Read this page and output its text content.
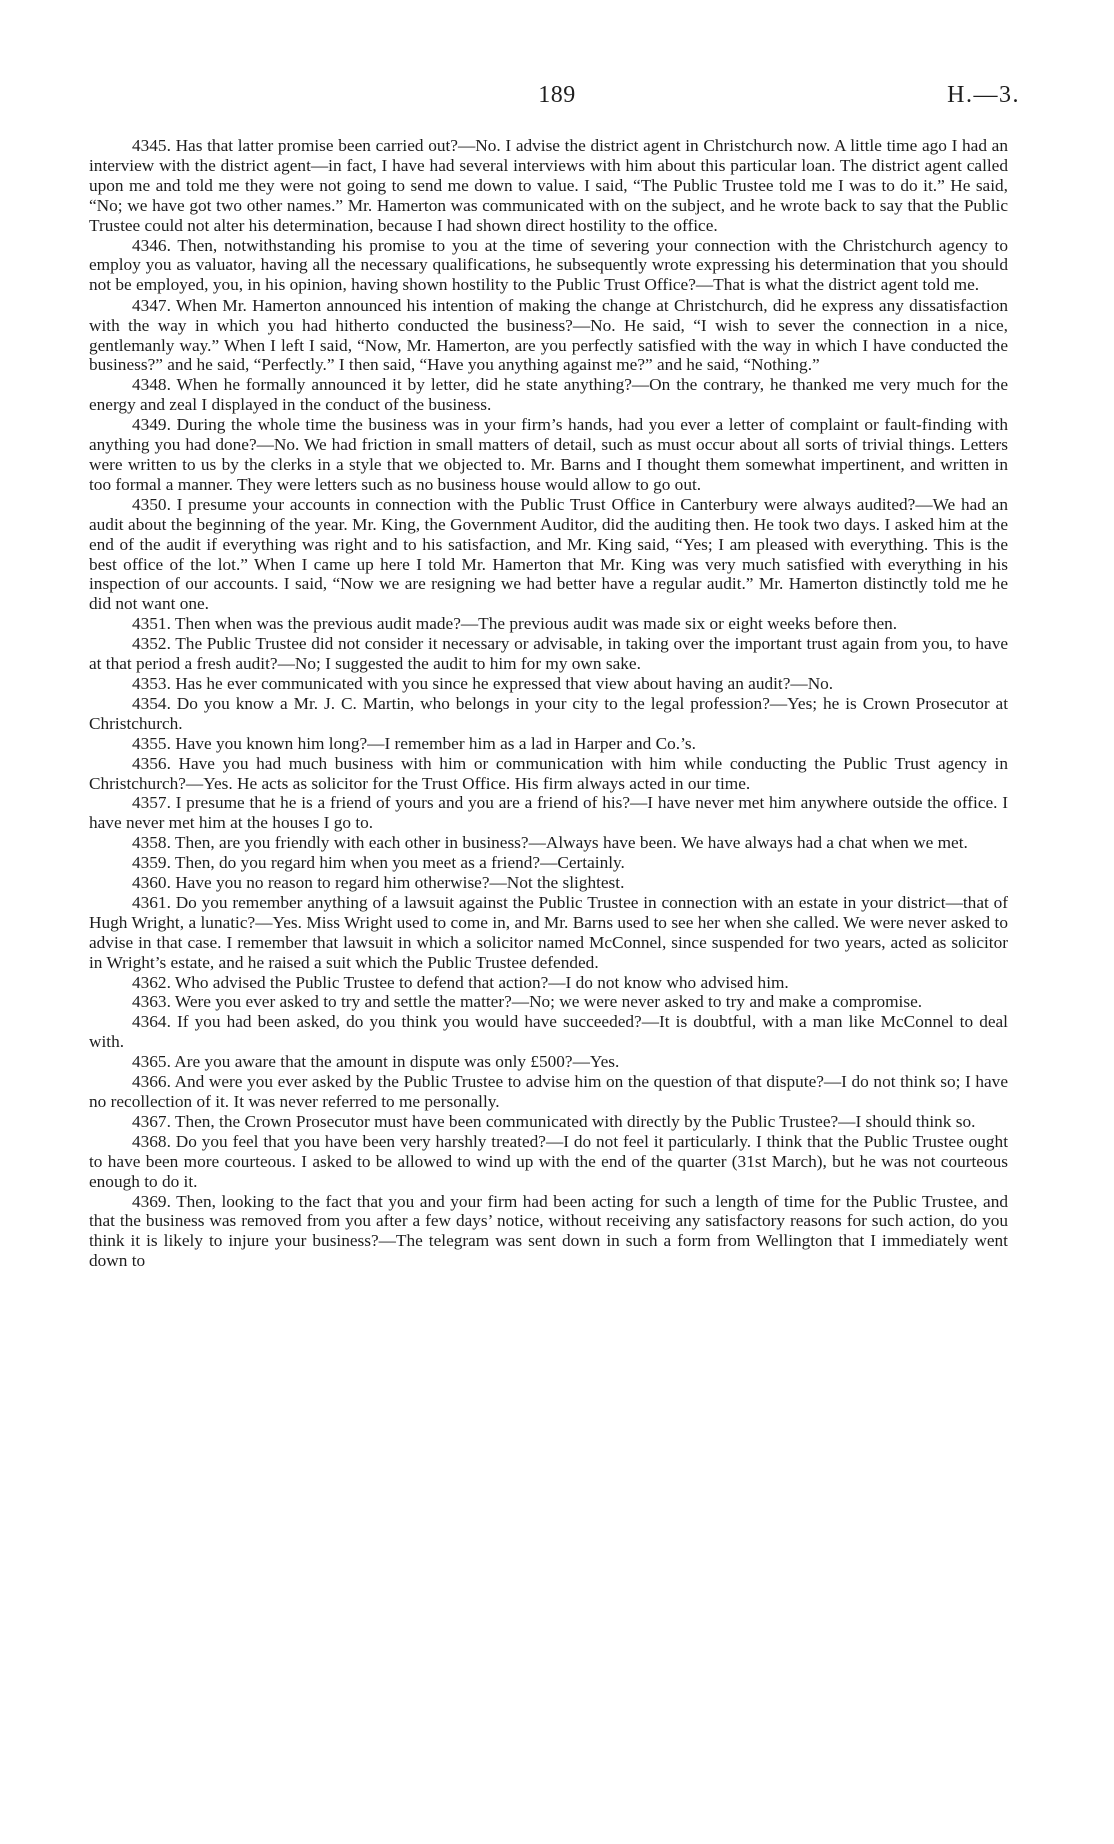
189	H.—3.

4345. Has that latter promise been carried out?—No. I advise the district agent in Christchurch now. A little time ago I had an interview with the district agent—in fact, I have had several interviews with him about this particular loan. The district agent called upon me and told me they were not going to send me down to value. I said, “The Public Trustee told me I was to do it.” He said, “No; we have got two other names.” Mr. Hamerton was communicated with on the subject, and he wrote back to say that the Public Trustee could not alter his determination, because I had shown direct hostility to the office.

4346. Then, notwithstanding his promise to you at the time of severing your connection with the Christchurch agency to employ you as valuator, having all the necessary qualifications, he subsequently wrote expressing his determination that you should not be employed, you, in his opinion, having shown hostility to the Public Trust Office?—That is what the district agent told me.

4347. When Mr. Hamerton announced his intention of making the change at Christchurch, did he express any dissatisfaction with the way in which you had hitherto conducted the business?—No. He said, “I wish to sever the connection in a nice, gentlemanly way.” When I left I said, “Now, Mr. Hamerton, are you perfectly satisfied with the way in which I have conducted the business?” and he said, “Perfectly.” I then said, “Have you anything against me?” and he said, “Nothing.”

4348. When he formally announced it by letter, did he state anything?—On the contrary, he thanked me very much for the energy and zeal I displayed in the conduct of the business.

4349. During the whole time the business was in your firm’s hands, had you ever a letter of complaint or fault-finding with anything you had done?—No. We had friction in small matters of detail, such as must occur about all sorts of trivial things. Letters were written to us by the clerks in a style that we objected to. Mr. Barns and I thought them somewhat impertinent, and written in too formal a manner. They were letters such as no business house would allow to go out.

4350. I presume your accounts in connection with the Public Trust Office in Canterbury were always audited?—We had an audit about the beginning of the year. Mr. King, the Government Auditor, did the auditing then. He took two days. I asked him at the end of the audit if everything was right and to his satisfaction, and Mr. King said, “Yes; I am pleased with everything. This is the best office of the lot.” When I came up here I told Mr. Hamerton that Mr. King was very much satisfied with everything in his inspection of our accounts. I said, “Now we are resigning we had better have a regular audit.” Mr. Hamerton distinctly told me he did not want one.

4351. Then when was the previous audit made?—The previous audit was made six or eight weeks before then.

4352. The Public Trustee did not consider it necessary or advisable, in taking over the important trust again from you, to have at that period a fresh audit?—No; I suggested the audit to him for my own sake.

4353. Has he ever communicated with you since he expressed that view about having an audit?—No.

4354. Do you know a Mr. J. C. Martin, who belongs in your city to the legal profession?—Yes; he is Crown Prosecutor at Christchurch.

4355. Have you known him long?—I remember him as a lad in Harper and Co.’s.

4356. Have you had much business with him or communication with him while conducting the Public Trust agency in Christchurch?—Yes. He acts as solicitor for the Trust Office. His firm always acted in our time.

4357. I presume that he is a friend of yours and you are a friend of his?—I have never met him anywhere outside the office. I have never met him at the houses I go to.

4358. Then, are you friendly with each other in business?—Always have been. We have always had a chat when we met.

4359. Then, do you regard him when you meet as a friend?—Certainly.

4360. Have you no reason to regard him otherwise?—Not the slightest.

4361. Do you remember anything of a lawsuit against the Public Trustee in connection with an estate in your district—that of Hugh Wright, a lunatic?—Yes. Miss Wright used to come in, and Mr. Barns used to see her when she called. We were never asked to advise in that case. I remember that lawsuit in which a solicitor named McConnel, since suspended for two years, acted as solicitor in Wright’s estate, and he raised a suit which the Public Trustee defended.

4362. Who advised the Public Trustee to defend that action?—I do not know who advised him.

4363. Were you ever asked to try and settle the matter?—No; we were never asked to try and make a compromise.

4364. If you had been asked, do you think you would have succeeded?—It is doubtful, with a man like McConnel to deal with.

4365. Are you aware that the amount in dispute was only £500?—Yes.

4366. And were you ever asked by the Public Trustee to advise him on the question of that dispute?—I do not think so; I have no recollection of it. It was never referred to me personally.

4367. Then, the Crown Prosecutor must have been communicated with directly by the Public Trustee?—I should think so.

4368. Do you feel that you have been very harshly treated?—I do not feel it particularly. I think that the Public Trustee ought to have been more courteous. I asked to be allowed to wind up with the end of the quarter (31st March), but he was not courteous enough to do it.

4369. Then, looking to the fact that you and your firm had been acting for such a length of time for the Public Trustee, and that the business was removed from you after a few days’ notice, without receiving any satisfactory reasons for such action, do you think it is likely to injure your business?—The telegram was sent down in such a form from Wellington that I immediately went down to
